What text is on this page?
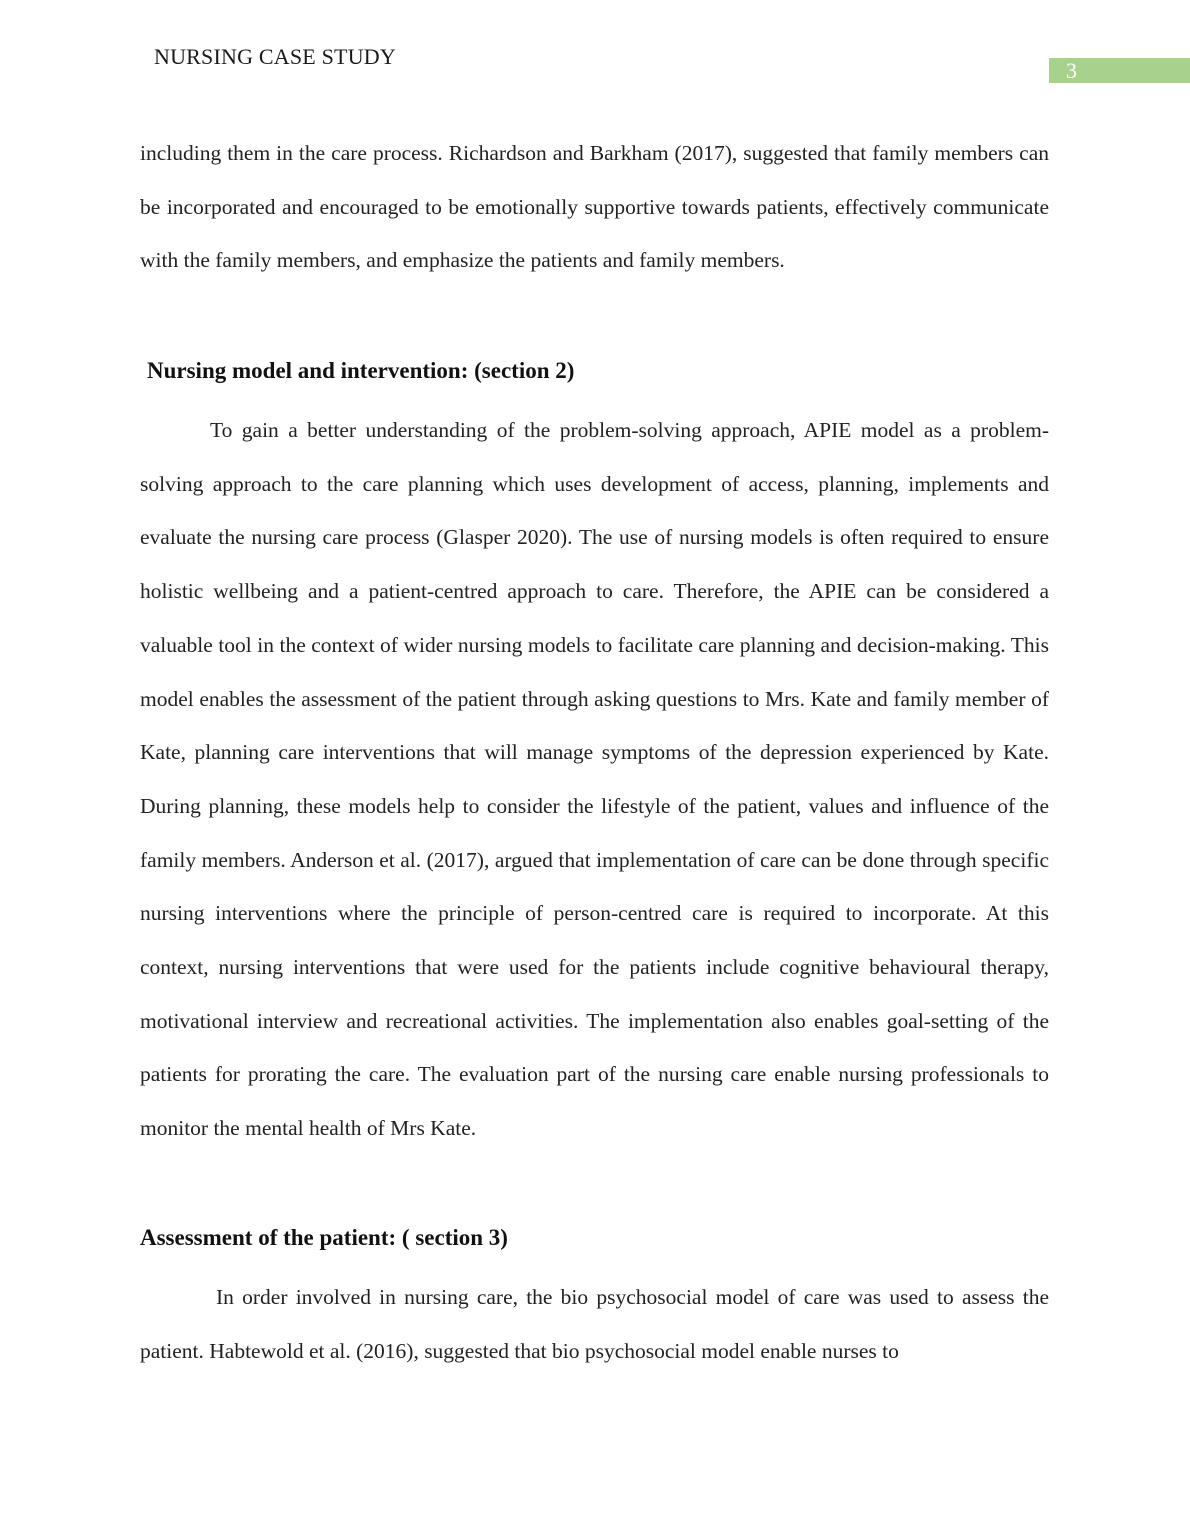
NURSING CASE STUDY
3

including them in the care process. Richardson and Barkham (2017), suggested that family members can be incorporated and encouraged to be emotionally supportive towards patients, effectively communicate with the family members, and emphasize the patients and family members.

Nursing model and intervention: (section 2)

To gain a better understanding of the problem-solving approach, APIE model as a problem-solving approach to the care planning which uses development of access, planning, implements and evaluate the nursing care process (Glasper 2020). The use of nursing models is often required to ensure holistic wellbeing and a patient-centred approach to care. Therefore, the APIE can be considered a valuable tool in the context of wider nursing models to facilitate care planning and decision-making. This model enables the assessment of the patient through asking questions to Mrs. Kate and family member of Kate, planning care interventions that will manage symptoms of the depression experienced by Kate. During planning, these models help to consider the lifestyle of the patient, values and influence of the family members. Anderson et al. (2017), argued that implementation of care can be done through specific nursing interventions where the principle of person-centred care is required to incorporate. At this context, nursing interventions that were used for the patients include cognitive behavioural therapy, motivational interview and recreational activities. The implementation also enables goal-setting of the patients for prorating the care. The evaluation part of the nursing care enable nursing professionals to monitor the mental health of Mrs Kate.

Assessment of the patient: ( section 3)

In order involved in nursing care, the bio psychosocial model of care was used to assess the patient. Habtewold et al. (2016), suggested that bio psychosocial model enable nurses to
